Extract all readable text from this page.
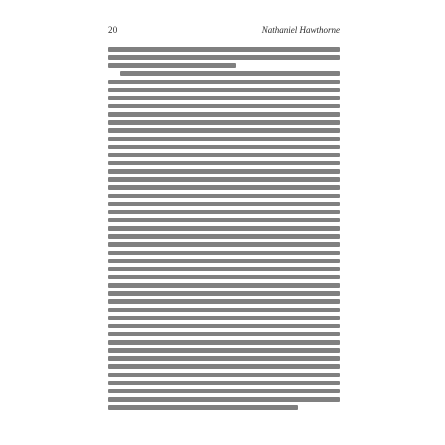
20	Nathaniel Hawthorne
